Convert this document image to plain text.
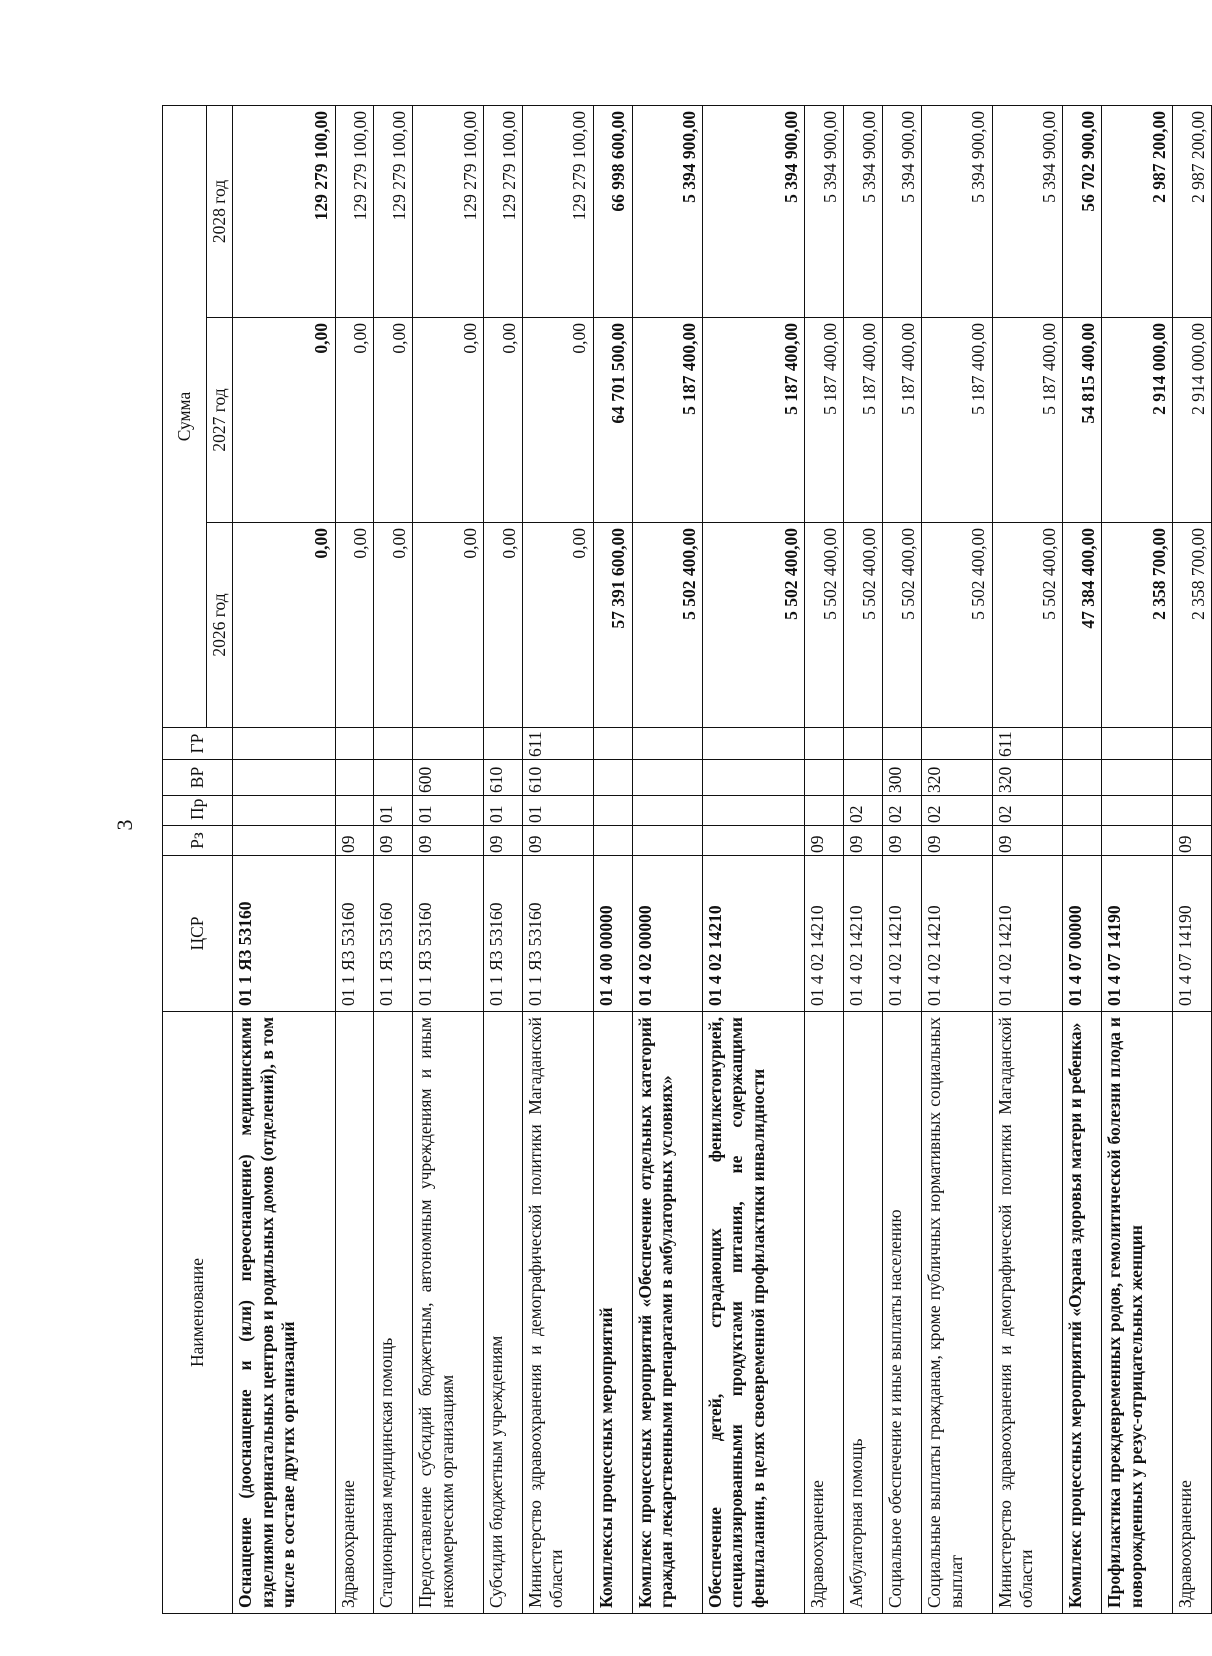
3
Наименование	ЦСР	Рз	Пр	ВР	ГР	Сумма		
						2026 год	2027 год	2028 год
Оснащение (дооснащение и (или) переоснащение) медицинскими изделиями перинатальных центров и родильных домов (отделений), в том числе в составе других организаций	01 1 Я3 53160					0,00	0,00	129 279 100,00
Здравоохранение	01 1 Я3 53160	09				0,00	0,00	129 279 100,00
Стационарная медицинская помощь	01 1 Я3 53160	09	01			0,00	0,00	129 279 100,00
Предоставление субсидий бюджетным, автономным учреждениям и иным некоммерческим организациям	01 1 Я3 53160	09	01	600		0,00	0,00	129 279 100,00
Субсидии бюджетным учреждениям	01 1 Я3 53160	09	01	610		0,00	0,00	129 279 100,00
Министерство здравоохранения и демографической политики Магаданской области	01 1 Я3 53160	09	01	610	611	0,00	0,00	129 279 100,00
Комплексы процессных мероприятий	01 4 00 00000					57 391 600,00	64 701 500,00	66 998 600,00
Комплекс процессных мероприятий «Обеспечение отдельных категорий граждан лекарственными препаратами в амбулаторных условиях»	01 4 02 00000					5 502 400,00	5 187 400,00	5 394 900,00
Обеспечение детей, страдающих фенилкетонурией, специализированными продуктами питания, не содержащими фенилаланин, в целях своевременной профилактики инвалидности	01 4 02 14210					5 502 400,00	5 187 400,00	5 394 900,00
Здравоохранение	01 4 02 14210	09				5 502 400,00	5 187 400,00	5 394 900,00
Амбулаторная помощь	01 4 02 14210	09	02			5 502 400,00	5 187 400,00	5 394 900,00
Социальное обеспечение и иные выплаты населению	01 4 02 14210	09	02	300		5 502 400,00	5 187 400,00	5 394 900,00
Социальные выплаты гражданам, кроме публичных нормативных социальных выплат	01 4 02 14210	09	02	320		5 502 400,00	5 187 400,00	5 394 900,00
Министерство здравоохранения и демографической политики Магаданской области	01 4 02 14210	09	02	320	611	5 502 400,00	5 187 400,00	5 394 900,00
Комплекс процессных мероприятий «Охрана здоровья матери и ребенка»	01 4 07 00000					47 384 400,00	54 815 400,00	56 702 900,00
Профилактика преждевременных родов, гемолитической болезни плода и новорожденных у резус-отрицательных женщин	01 4 07 14190					2 358 700,00	2 914 000,00	2 987 200,00
Здравоохранение	01 4 07 14190	09				2 358 700,00	2 914 000,00	2 987 200,00
